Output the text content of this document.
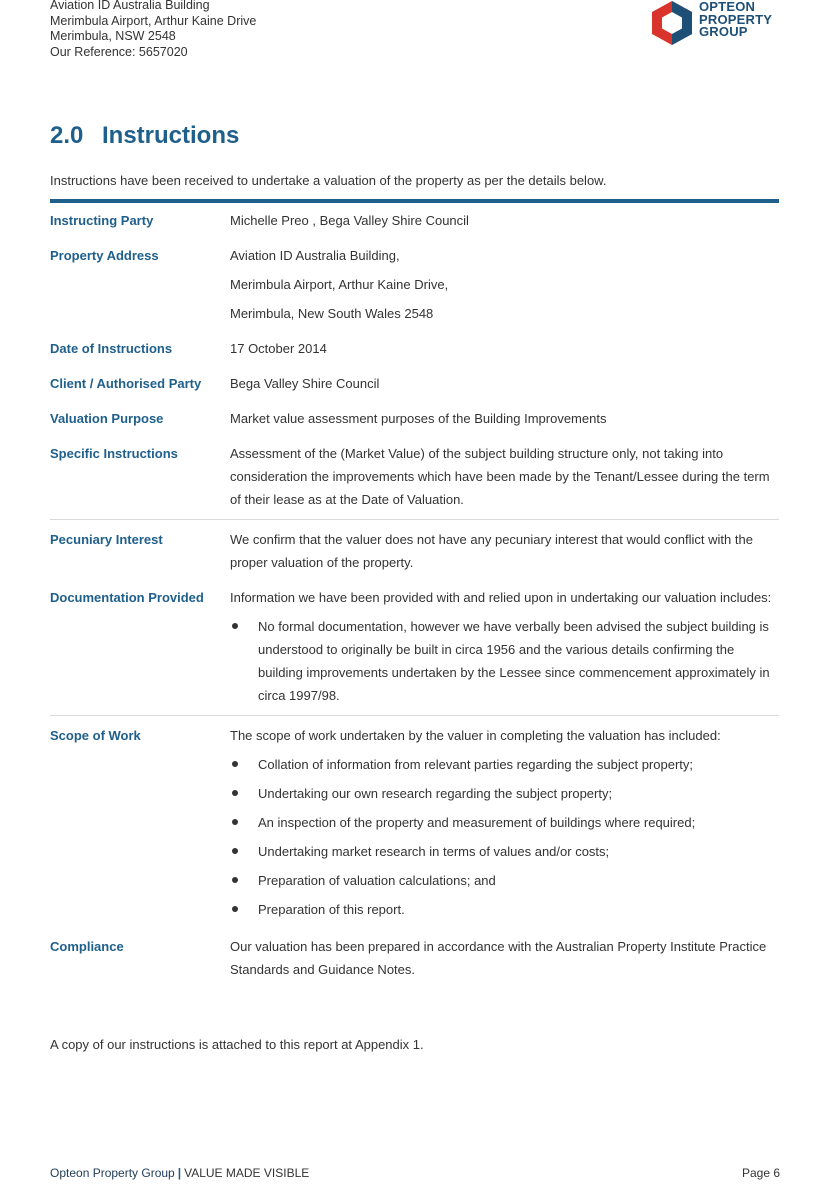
Aviation ID Australia Building
Merimbula Airport, Arthur Kaine Drive
Merimbula, NSW 2548
Our Reference: 5657020
OPTEON
PROPERTY
GROUP
2.0 Instructions
Instructions have been received to undertake a valuation of the property as per the details below.
Instructing Party	Michelle Preo , Bega Valley Shire Council
Property Address	Aviation ID Australia Building,

Merimbula Airport, Arthur Kaine Drive,

Merimbula, New South Wales 2548

Date of Instructions	17 October 2014
Client / Authorised Party	Bega Valley Shire Council
Valuation Purpose	Market value assessment purposes of the Building Improvements
Specific Instructions	Assessment of the (Market Value) of the subject building structure only, not taking into consideration the improvements which have been made by the Tenant/Lessee during the term of their lease as at the Date of Valuation.
Pecuniary Interest	We confirm that the valuer does not have any pecuniary interest that would conflict with the proper valuation of the property.
Documentation Provided	Information we have been provided with and relied upon in undertaking our valuation includes:

No formal documentation, however we have verbally been advised the subject building is understood to originally be built in circa 1956 and the various details confirming the building improvements undertaken by the Lessee since commencement approximately in circa 1997/98.
Scope of Work	The scope of work undertaken by the valuer in completing the valuation has included:

Collation of information from relevant parties regarding the subject property;
Undertaking our own research regarding the subject property;
An inspection of the property and measurement of buildings where required;
Undertaking market research in terms of values and/or costs;
Preparation of valuation calculations; and
Preparation of this report.
Compliance	Our valuation has been prepared in accordance with the Australian Property Institute Practice Standards and Guidance Notes.
A copy of our instructions is attached to this report at Appendix 1.
Opteon Property Group | VALUE MADE VISIBLE	Page 6
